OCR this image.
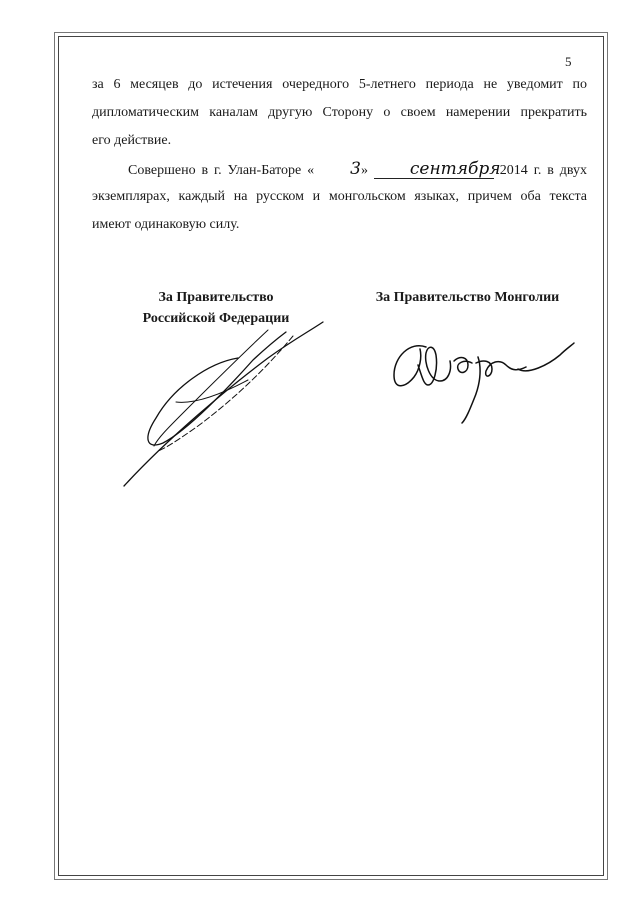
5

за 6 месяцев до истечения очередного 5-летнего периода не уведомит по

дипломатическим каналам другую Сторону о своем намерении прекратить

его действие.

Совершено в г. Улан-Баторе « 3» сентября 2014 г. в двух

экземплярах, каждый на русском и монгольском языках, причем оба текста

имеют одинаковую силу.

За Правительство
Российской Федерации
За Правительство Монголии
